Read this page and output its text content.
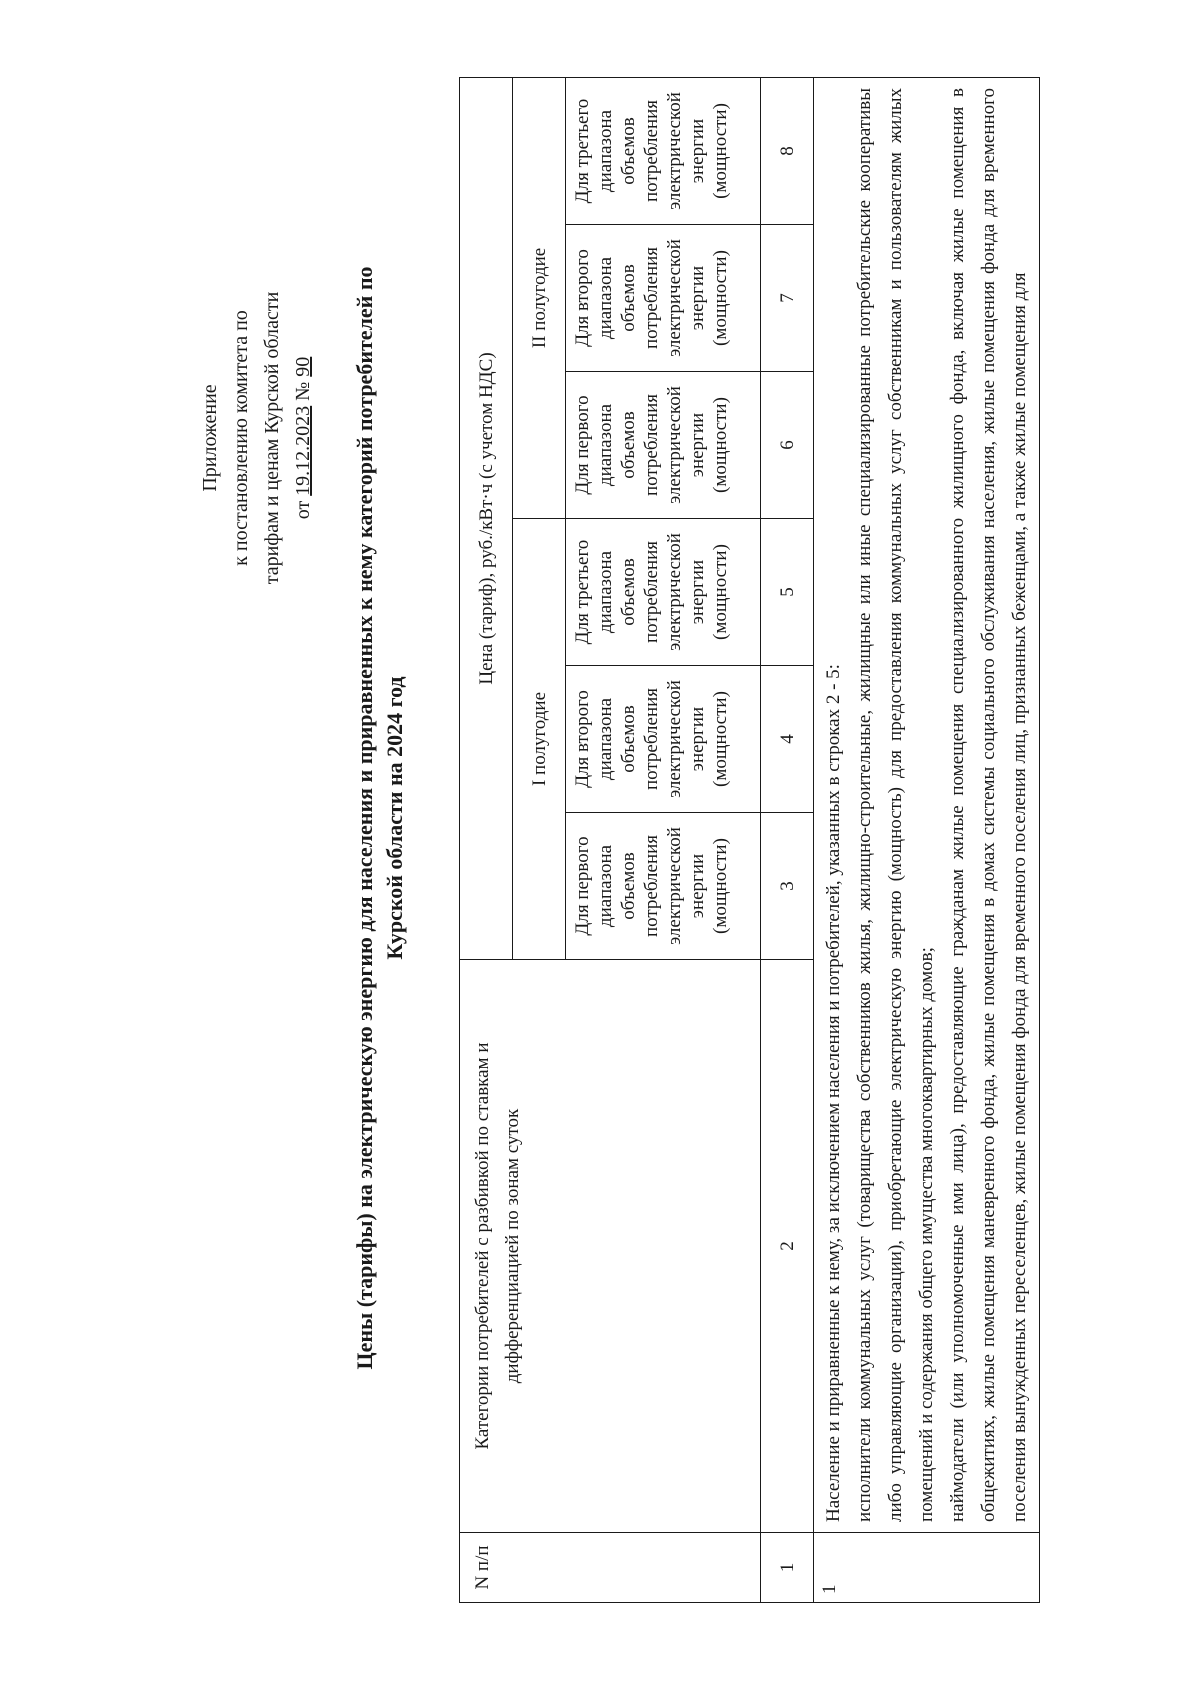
Приложение к постановлению комитета по тарифам и ценам Курской области от 19.12.2023 № 90 Цены (тарифы) на электрическую энергию для населения и приравненных к нему категорий потребителей по Курской области на 2024 год
N п/п	Категории потребителей с разбивкой по ставкам и дифференциацией по зонам суток	Цена (тариф), руб./кВт·ч (с учетом НДС)					
		I полугодие			II полугодие		
		Для первого диапазона объемов потребления электрической энергии (мощности)	Для второго диапазона объемов потребления электрической энергии (мощности)	Для третьего диапазона объемов потребления электрической энергии (мощности)	Для первого диапазона объемов потребления электрической энергии (мощности)	Для второго диапазона объемов потребления электрической энергии (мощности)	Для третьего диапазона объемов потребления электрической энергии (мощности)
1	2	3	4	5	6	7	8
1	Население и приравненные к нему, за исключением населения и потребителей, указанных в строках 2 - 5: исполнители коммунальных услуг (товарищества собственников жилья, жилищно-строительные, жилищные или иные специализированные потребительские кооперативы либо управляющие организации), приобретающие электрическую энергию (мощность) для предоставления коммунальных услуг собственникам и пользователям жилых помещений и содержания общего имущества многоквартирных домов; наймодатели (или уполномоченные ими лица), предоставляющие гражданам жилые помещения специализированного жилищного фонда, включая жилые помещения в общежитиях, жилые помещения маневренного фонда, жилые помещения в домах системы социального обслуживания населения, жилые помещения фонда для временного поселения вынужденных переселенцев, жилые помещения фонда для временного поселения лиц, признанных беженцами, а также жилые помещения для						
